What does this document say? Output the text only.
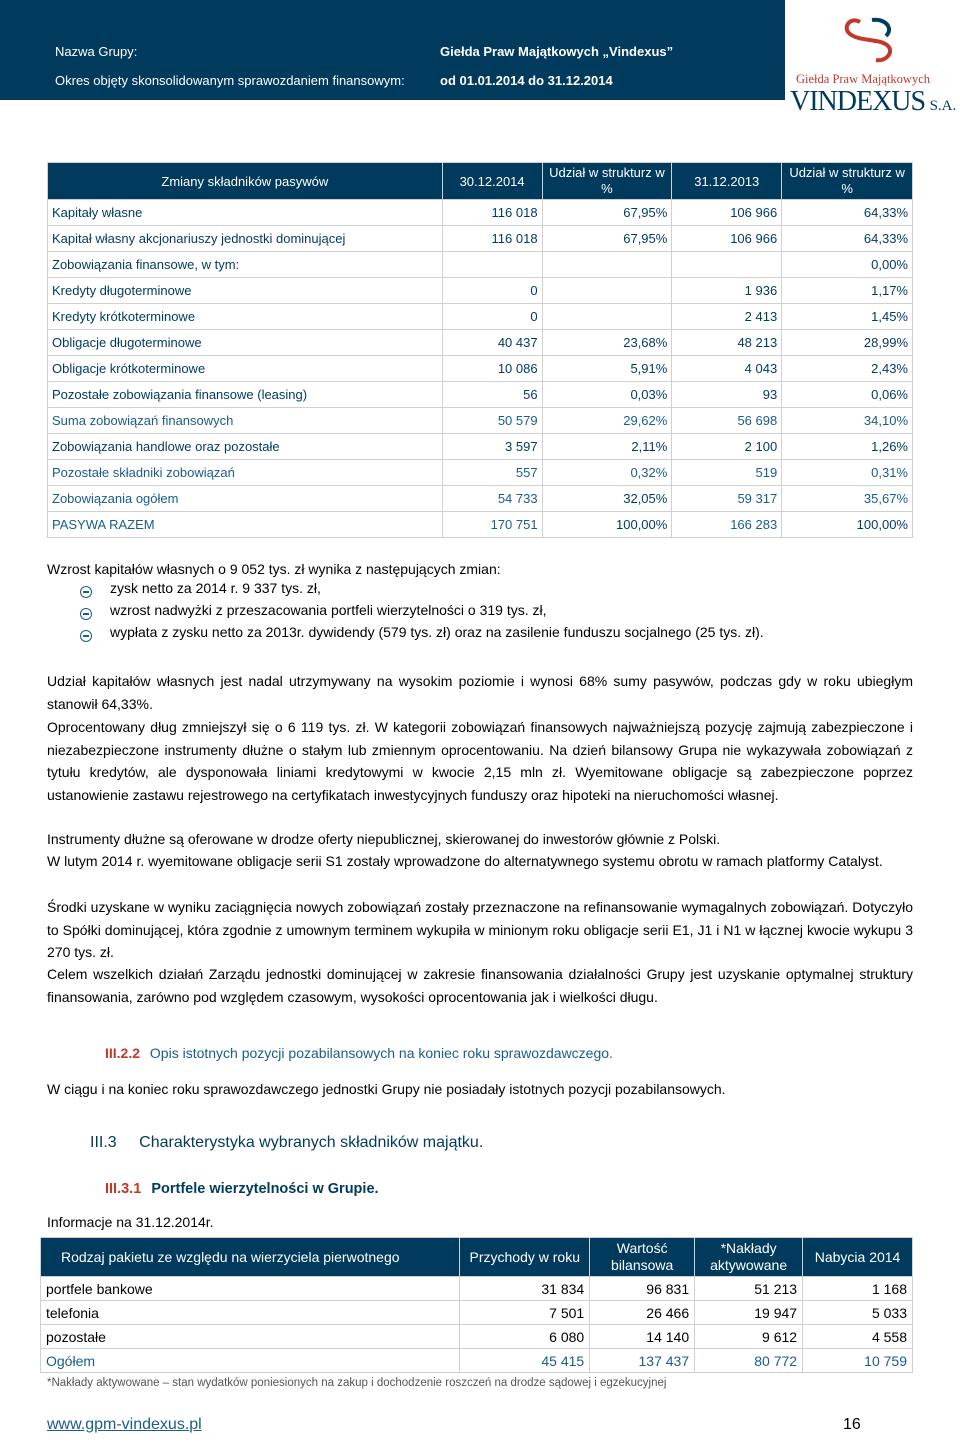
Nazwa Grupy:	Giełda Praw Majątkowych „Vindexus”
Okres objęty skonsolidowanym sprawozdaniem finansowym:	od 01.01.2014 do 31.12.2014	Giełda Praw Majątkowych
VINDEXUS S.A.
Zmiany składników pasywów	30.12.2014	Udział w strukturz w %	31.12.2013	Udział w strukturz w %
Kapitały własne	116 018	67,95%	106 966	64,33%
Kapitał własny akcjonariuszy jednostki dominującej	116 018	67,95%	106 966	64,33%
Zobowiązania finansowe, w tym:				0,00%
Kredyty długoterminowe	0		1 936	1,17%
Kredyty krótkoterminowe	0		2 413	1,45%
Obligacje długoterminowe	40 437	23,68%	48 213	28,99%
Obligacje krótkoterminowe	10 086	5,91%	4 043	2,43%
Pozostałe zobowiązania finansowe (leasing)	56	0,03%	93	0,06%
Suma zobowiązań finansowych	50 579	29,62%	56 698	34,10%
Zobowiązania handlowe oraz pozostałe	3 597	2,11%	2 100	1,26%
Pozostałe składniki zobowiązań	557	0,32%	519	0,31%
Zobowiązania ogółem	54 733	32,05%	59 317	35,67%
PASYWA RAZEM	170 751	100,00%	166 283	100,00%
Wzrost kapitałów własnych o 9 052 tys. zł wynika z następujących zmian:
zysk netto za 2014 r. 9 337 tys. zł,
wzrost nadwyżki z przeszacowania portfeli wierzytelności o 319 tys. zł,
wypłata z zysku netto za 2013r. dywidendy (579 tys. zł) oraz na zasilenie funduszu socjalnego (25 tys. zł).
Udział kapitałów własnych jest nadal utrzymywany na wysokim poziomie i wynosi 68% sumy pasywów, podczas gdy w roku ubiegłym stanowił 64,33%.
Oprocentowany dług zmniejszył się o 6 119 tys. zł. W kategorii zobowiązań finansowych najważniejszą pozycję zajmują zabezpieczone i niezabezpieczone instrumenty dłużne o stałym lub zmiennym oprocentowaniu. Na dzień bilansowy Grupa nie wykazywała zobowiązań z tytułu kredytów, ale dysponowała liniami kredytowymi w kwocie 2,15 mln zł. Wyemitowane obligacje są zabezpieczone poprzez ustanowienie zastawu rejestrowego na certyfikatach inwestycyjnych funduszy oraz hipoteki na nieruchomości własnej.
Instrumenty dłużne są oferowane w drodze oferty niepublicznej, skierowanej do inwestorów głównie z Polski.
W lutym 2014 r. wyemitowane obligacje serii S1 zostały wprowadzone do alternatywnego systemu obrotu w ramach platformy Catalyst.
Środki uzyskane w wyniku zaciągnięcia nowych zobowiązań zostały przeznaczone na refinansowanie wymagalnych zobowiązań. Dotyczyło to Spółki dominującej, która zgodnie z umownym terminem wykupiła w minionym roku obligacje serii E1, J1 i N1 w łącznej kwocie wykupu 3 270 tys. zł.
Celem wszelkich działań Zarządu jednostki dominującej w zakresie finansowania działalności Grupy jest uzyskanie optymalnej struktury finansowania, zarówno pod względem czasowym, wysokości oprocentowania jak i wielkości długu.
III.2.2 Opis istotnych pozycji pozabilansowych na koniec roku sprawozdawczego.
W ciągu i na koniec roku sprawozdawczego jednostki Grupy nie posiadały istotnych pozycji pozabilansowych.
III.3 Charakterystyka wybranych składników majątku.
III.3.1 Portfele wierzytelności w Grupie.
Informacje na 31.12.2014r.
Rodzaj pakietu ze względu na wierzyciela pierwotnego	Przychody w roku	Wartość bilansowa	*Nakłady aktywowane	Nabycia 2014
portfele bankowe	31 834	96 831	51 213	1 168
telefonia	7 501	26 466	19 947	5 033
pozostałe	6 080	14 140	9 612	4 558
Ogółem	45 415	137 437	80 772	10 759
*Nakłady aktywowane – stan wydatków poniesionych na zakup i dochodzenie roszczeń na drodze sądowej i egzekucyjnej
www.gpm-vindexus.pl	16
